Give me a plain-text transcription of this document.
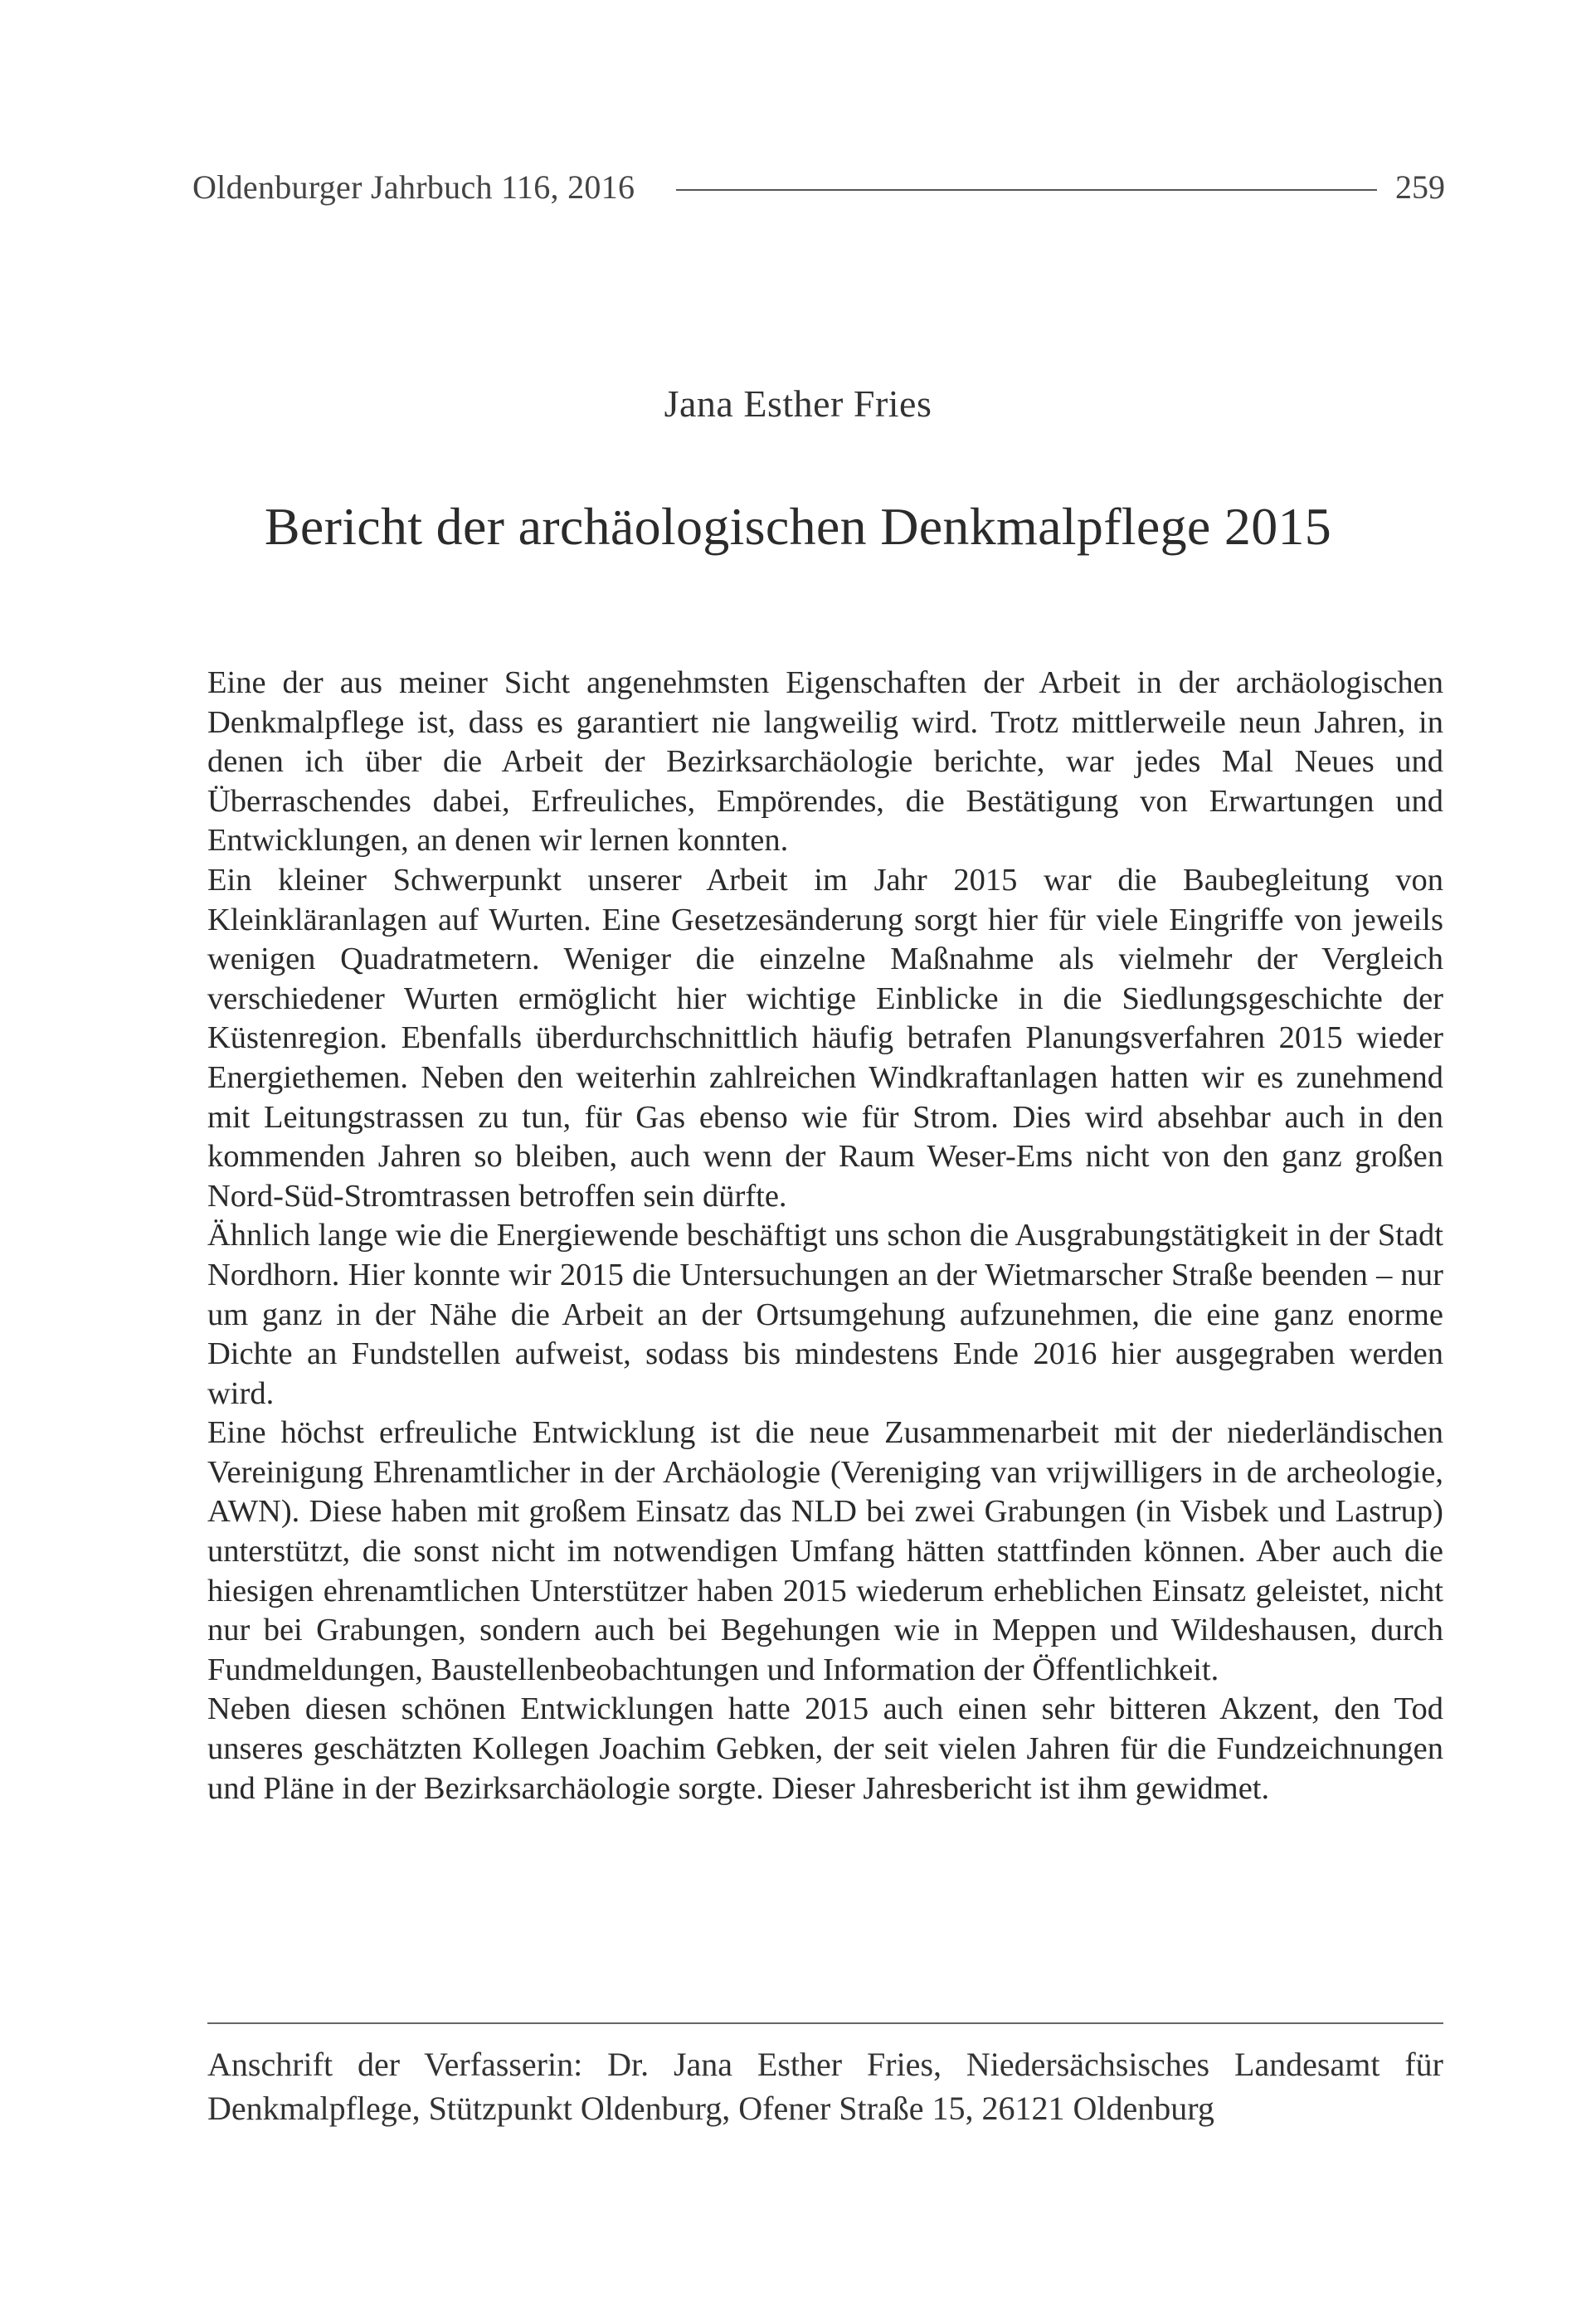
Oldenburger Jahrbuch 116, 2016	259
Jana Esther Fries
Bericht der archäologischen Denkmalpflege 2015

Eine der aus meiner Sicht angenehmsten Eigenschaften der Arbeit in der archäologischen Denkmalpflege ist, dass es garantiert nie langweilig wird. Trotz mittlerweile neun Jahren, in denen ich über die Arbeit der Bezirksarchäologie berichte, war jedes Mal Neues und Überraschendes dabei, Erfreuliches, Empörendes, die Bestätigung von Erwartungen und Entwicklungen, an denen wir lernen konnten.

Ein kleiner Schwerpunkt unserer Arbeit im Jahr 2015 war die Baubegleitung von Kleinkläranlagen auf Wurten. Eine Gesetzesänderung sorgt hier für viele Eingriffe von jeweils wenigen Quadratmetern. Weniger die einzelne Maßnahme als vielmehr der Vergleich verschiedener Wurten ermöglicht hier wichtige Einblicke in die Siedlungsgeschichte der Küstenregion. Ebenfalls überdurchschnittlich häufig betrafen Planungsverfahren 2015 wieder Energiethemen. Neben den weiterhin zahlreichen Windkraftanlagen hatten wir es zunehmend mit Leitungstrassen zu tun, für Gas ebenso wie für Strom. Dies wird absehbar auch in den kommenden Jahren so bleiben, auch wenn der Raum Weser-Ems nicht von den ganz großen Nord-Süd-Stromtrassen betroffen sein dürfte.

Ähnlich lange wie die Energiewende beschäftigt uns schon die Ausgrabungstätigkeit in der Stadt Nordhorn. Hier konnte wir 2015 die Untersuchungen an der Wietmarscher Straße beenden – nur um ganz in der Nähe die Arbeit an der Ortsumgehung aufzunehmen, die eine ganz enorme Dichte an Fundstellen aufweist, sodass bis mindestens Ende 2016 hier ausgegraben werden wird.

Eine höchst erfreuliche Entwicklung ist die neue Zusammenarbeit mit der niederländischen Vereinigung Ehrenamtlicher in der Archäologie (Vereniging van vrijwilligers in de archeologie, AWN). Diese haben mit großem Einsatz das NLD bei zwei Grabungen (in Visbek und Lastrup) unterstützt, die sonst nicht im notwendigen Umfang hätten stattfinden können. Aber auch die hiesigen ehrenamtlichen Unterstützer haben 2015 wiederum erheblichen Einsatz geleistet, nicht nur bei Grabungen, sondern auch bei Begehungen wie in Meppen und Wildeshausen, durch Fundmeldungen, Baustellenbeobachtungen und Information der Öffentlichkeit.

Neben diesen schönen Entwicklungen hatte 2015 auch einen sehr bitteren Akzent, den Tod unseres geschätzten Kollegen Joachim Gebken, der seit vielen Jahren für die Fundzeichnungen und Pläne in der Bezirksarchäologie sorgte. Dieser Jahresbericht ist ihm gewidmet.

Anschrift der Verfasserin: Dr. Jana Esther Fries, Niedersächsisches Landesamt für Denkmalpflege, Stützpunkt Oldenburg, Ofener Straße 15, 26121 Oldenburg
